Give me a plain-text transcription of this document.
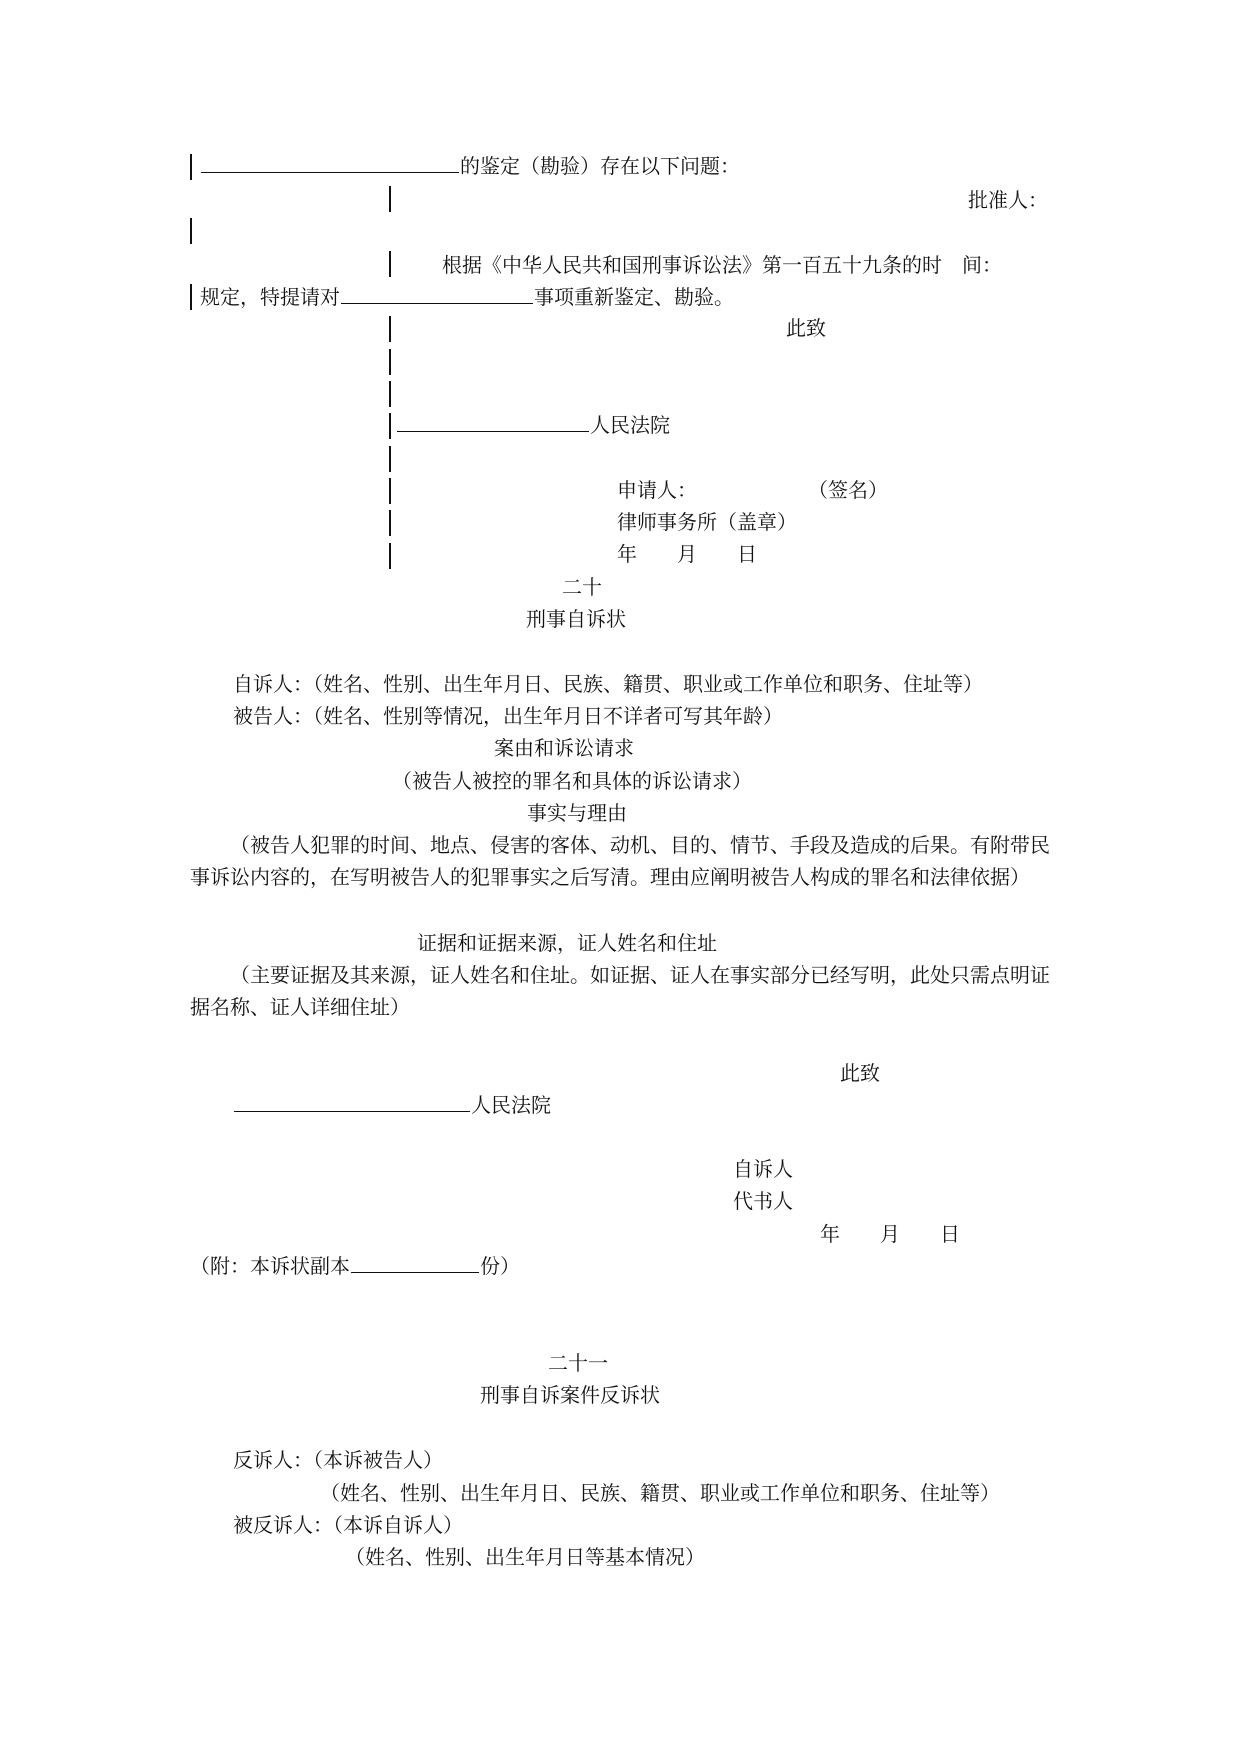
的鉴定（勘验）存在以下问题：
批准人：
根据《中华人民共和国刑事诉讼法》第一百五十九条的时　间：
规定，特提请对	事项重新鉴定、勘验。
此致
人民法院
申请人：	（签名）
律师事务所（盖章）
年　　月　　日
二十
刑事自诉状
自诉人：（姓名、性别、出生年月日、民族、籍贯、职业或工作单位和职务、住址等）
被告人：（姓名、性别等情况，出生年月日不详者可写其年龄）
案由和诉讼请求
（被告人被控的罪名和具体的诉讼请求）
事实与理由
（被告人犯罪的时间、地点、侵害的客体、动机、目的、情节、手段及造成的后果。有附带民事诉讼内容的，在写明被告人的犯罪事实之后写清。理由应阐明被告人构成的罪名和法律依据）
证据和证据来源，证人姓名和住址
（主要证据及其来源，证人姓名和住址。如证据、证人在事实部分已经写明，此处只需点明证据名称、证人详细住址）
此致
人民法院
自诉人
代书人
年　　月　　日
（附：本诉状副本	份）
二十一
刑事自诉案件反诉状
反诉人：（本诉被告人）
（姓名、性别、出生年月日、民族、籍贯、职业或工作单位和职务、住址等）
被反诉人：（本诉自诉人）
（姓名、性别、出生年月日等基本情况）
